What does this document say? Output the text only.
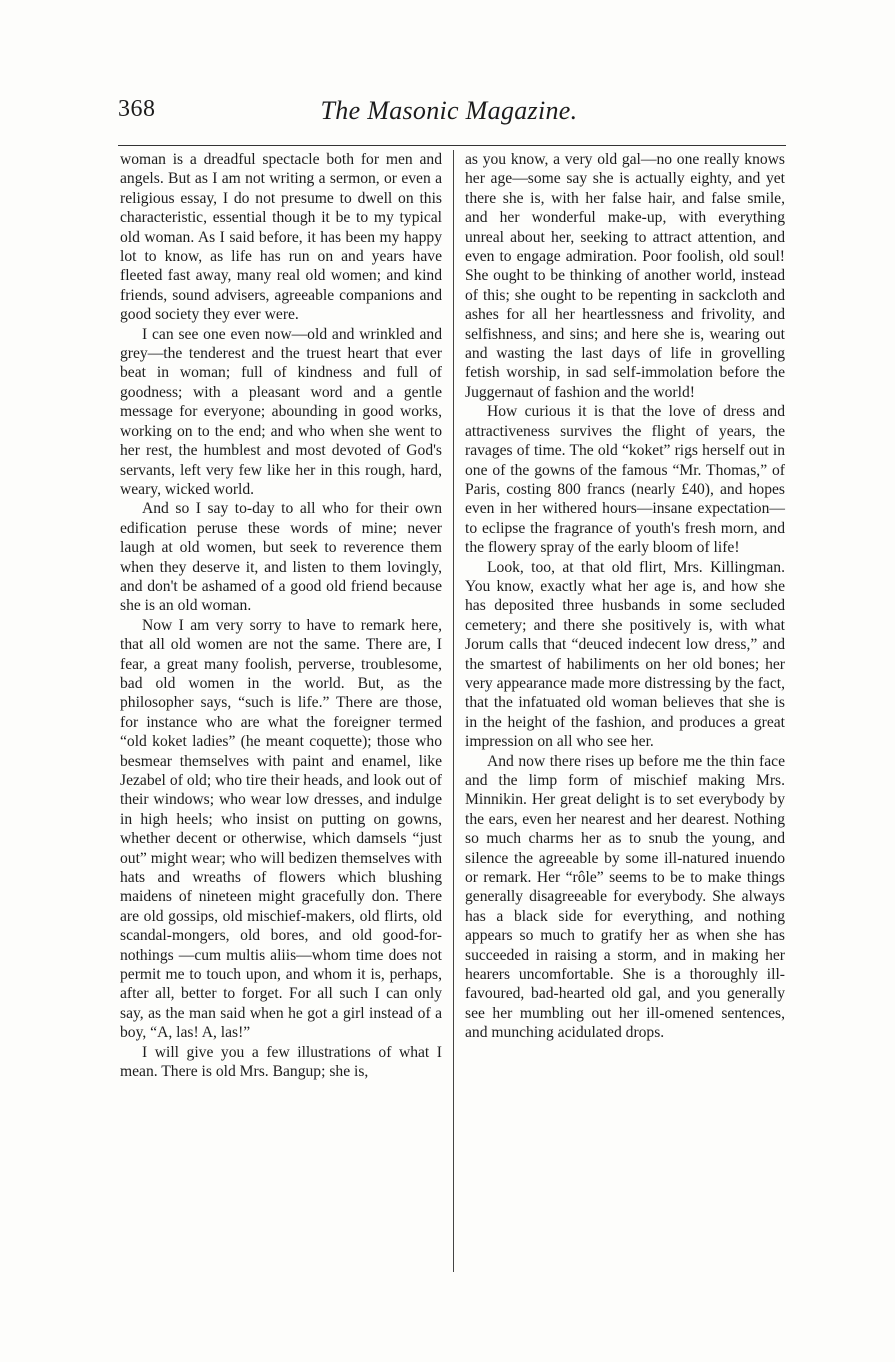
368	The Masonic Magazine.

woman is a dreadful spectacle both for men and angels. But as I am not writing a sermon, or even a religious essay, I do not presume to dwell on this characteristic, essential though it be to my typical old woman. As I said before, it has been my happy lot to know, as life has run on and years have fleeted fast away, many real old women; and kind friends, sound advisers, agreeable companions and good society they ever were.

I can see one even now—old and wrinkled and grey—the tenderest and the truest heart that ever beat in woman; full of kindness and full of goodness; with a pleasant word and a gentle message for everyone; abounding in good works, working on to the end; and who when she went to her rest, the humblest and most devoted of God's servants, left very few like her in this rough, hard, weary, wicked world.

And so I say to-day to all who for their own edification peruse these words of mine; never laugh at old women, but seek to reverence them when they deserve it, and listen to them lovingly, and don't be ashamed of a good old friend because she is an old woman.

Now I am very sorry to have to remark here, that all old women are not the same. There are, I fear, a great many foolish, perverse, troublesome, bad old women in the world. But, as the philosopher says, “such is life.” There are those, for instance who are what the foreigner termed “old koket ladies” (he meant coquette); those who besmear themselves with paint and enamel, like Jezabel of old; who tire their heads, and look out of their windows; who wear low dresses, and indulge in high heels; who insist on putting on gowns, whether decent or otherwise, which damsels “just out” might wear; who will bedizen themselves with hats and wreaths of flowers which blushing maidens of nineteen might gracefully don. There are old gossips, old mischief-makers, old flirts, old scandal-mongers, old bores, and old good-for-nothings —cum multis aliis—whom time does not permit me to touch upon, and whom it is, perhaps, after all, better to forget. For all such I can only say, as the man said when he got a girl instead of a boy, “A, las! A, las!”

I will give you a few illustrations of what I mean. There is old Mrs. Bangup; she is,

as you know, a very old gal—no one really knows her age—some say she is actually eighty, and yet there she is, with her false hair, and false smile, and her wonderful make-up, with everything unreal about her, seeking to attract attention, and even to engage admiration. Poor foolish, old soul! She ought to be thinking of another world, instead of this; she ought to be repenting in sackcloth and ashes for all her heartlessness and frivolity, and selfishness, and sins; and here she is, wearing out and wasting the last days of life in grovelling fetish worship, in sad self-immolation before the Juggernaut of fashion and the world!

How curious it is that the love of dress and attractiveness survives the flight of years, the ravages of time. The old “koket” rigs herself out in one of the gowns of the famous “Mr. Thomas,” of Paris, costing 800 francs (nearly £40), and hopes even in her withered hours—insane expectation—to eclipse the fragrance of youth's fresh morn, and the flowery spray of the early bloom of life!

Look, too, at that old flirt, Mrs. Killingman. You know, exactly what her age is, and how she has deposited three husbands in some secluded cemetery; and there she positively is, with what Jorum calls that “deuced indecent low dress,” and the smartest of habiliments on her old bones; her very appearance made more distressing by the fact, that the infatuated old woman believes that she is in the height of the fashion, and produces a great impression on all who see her.

And now there rises up before me the thin face and the limp form of mischief making Mrs. Minnikin. Her great delight is to set everybody by the ears, even her nearest and her dearest. Nothing so much charms her as to snub the young, and silence the agreeable by some ill-natured inuendo or remark. Her “rôle” seems to be to make things generally disagreeable for everybody. She always has a black side for everything, and nothing appears so much to gratify her as when she has succeeded in raising a storm, and in making her hearers uncomfortable. She is a thoroughly ill-favoured, bad-hearted old gal, and you generally see her mumbling out her ill-omened sentences, and munching acidulated drops.
